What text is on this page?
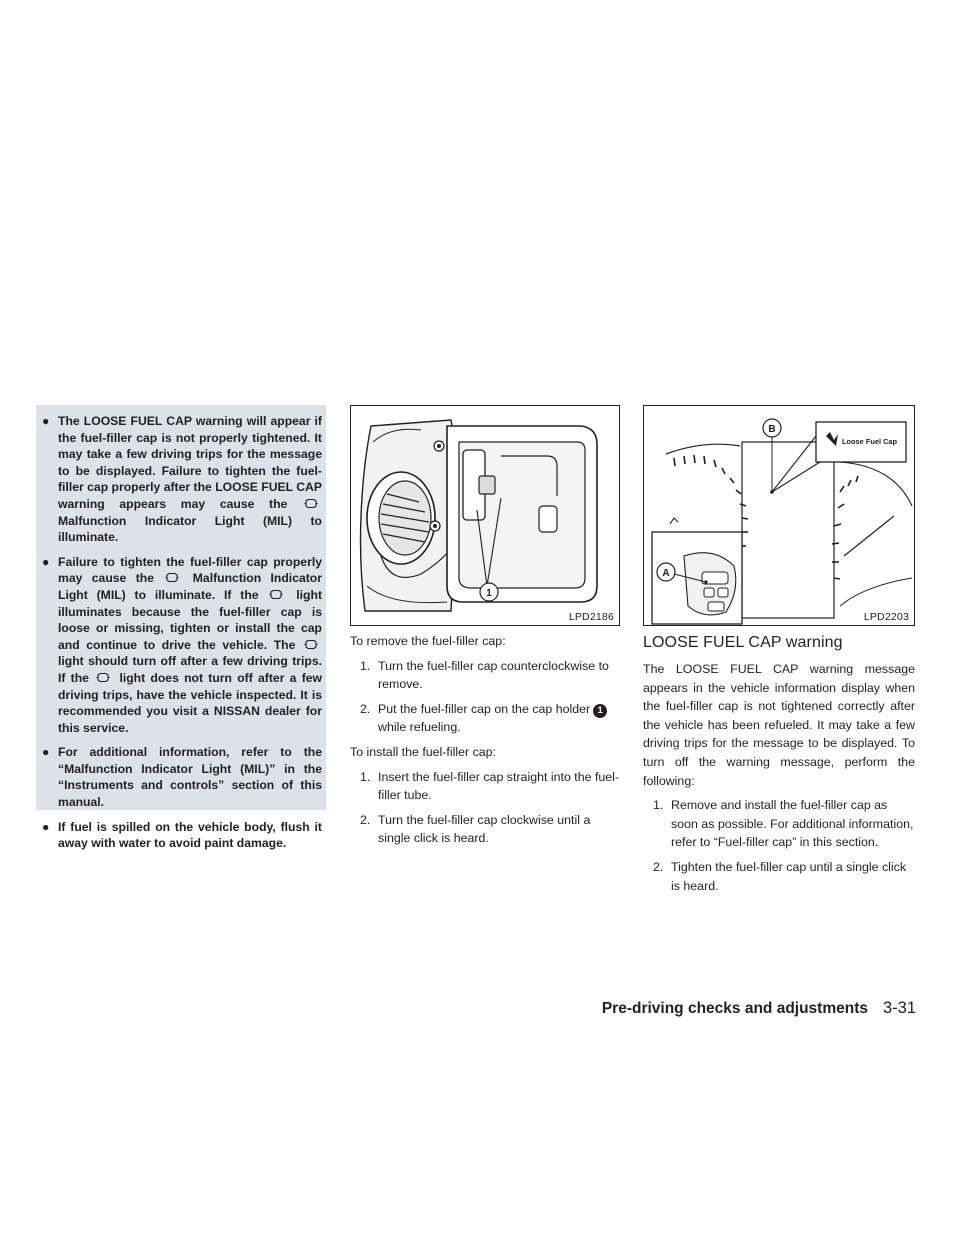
● The LOOSE FUEL CAP warning will appear if the fuel-filler cap is not properly tightened. It may take a few driving trips for the message to be displayed. Failure to tighten the fuel-filler cap properly after the LOOSE FUEL CAP warning appears may cause the  Malfunction Indicator Light (MIL) to illuminate.
● Failure to tighten the fuel-filler cap properly may cause the  Malfunction Indicator Light (MIL) to illuminate. If the  light illuminates because the fuel-filler cap is loose or missing, tighten or install the cap and continue to drive the vehicle. The  light should turn off after a few driving trips. If the  light does not turn off after a few driving trips, have the vehicle inspected. It is recommended you visit a NISSAN dealer for this service.
● For additional information, refer to the “Malfunction Indicator Light (MIL)” in the “Instruments and controls” section of this manual.
● If fuel is spilled on the vehicle body, flush it away with water to avoid paint damage.
1
LPD2186

To remove the fuel-filler cap:

1. Turn the fuel-filler cap counterclockwise to remove.
2. Put the fuel-filler cap on the cap holder 1 while refueling.

To install the fuel-filler cap:

1. Insert the fuel-filler cap straight into the fuel-filler tube.
2. Turn the fuel-filler cap clockwise until a single click is heard.
Loose Fuel Cap
B
A
LPD2203
LOOSE FUEL CAP warning

The LOOSE FUEL CAP warning message appears in the vehicle information display when the fuel-filler cap is not tightened correctly after the vehicle has been refueled. It may take a few driving trips for the message to be displayed. To turn off the warning message, perform the following:

1. Remove and install the fuel-filler cap as soon as possible. For additional information, refer to “Fuel-filler cap” in this section.
2. Tighten the fuel-filler cap until a single click is heard.
Pre-driving checks and adjustments 3-31
